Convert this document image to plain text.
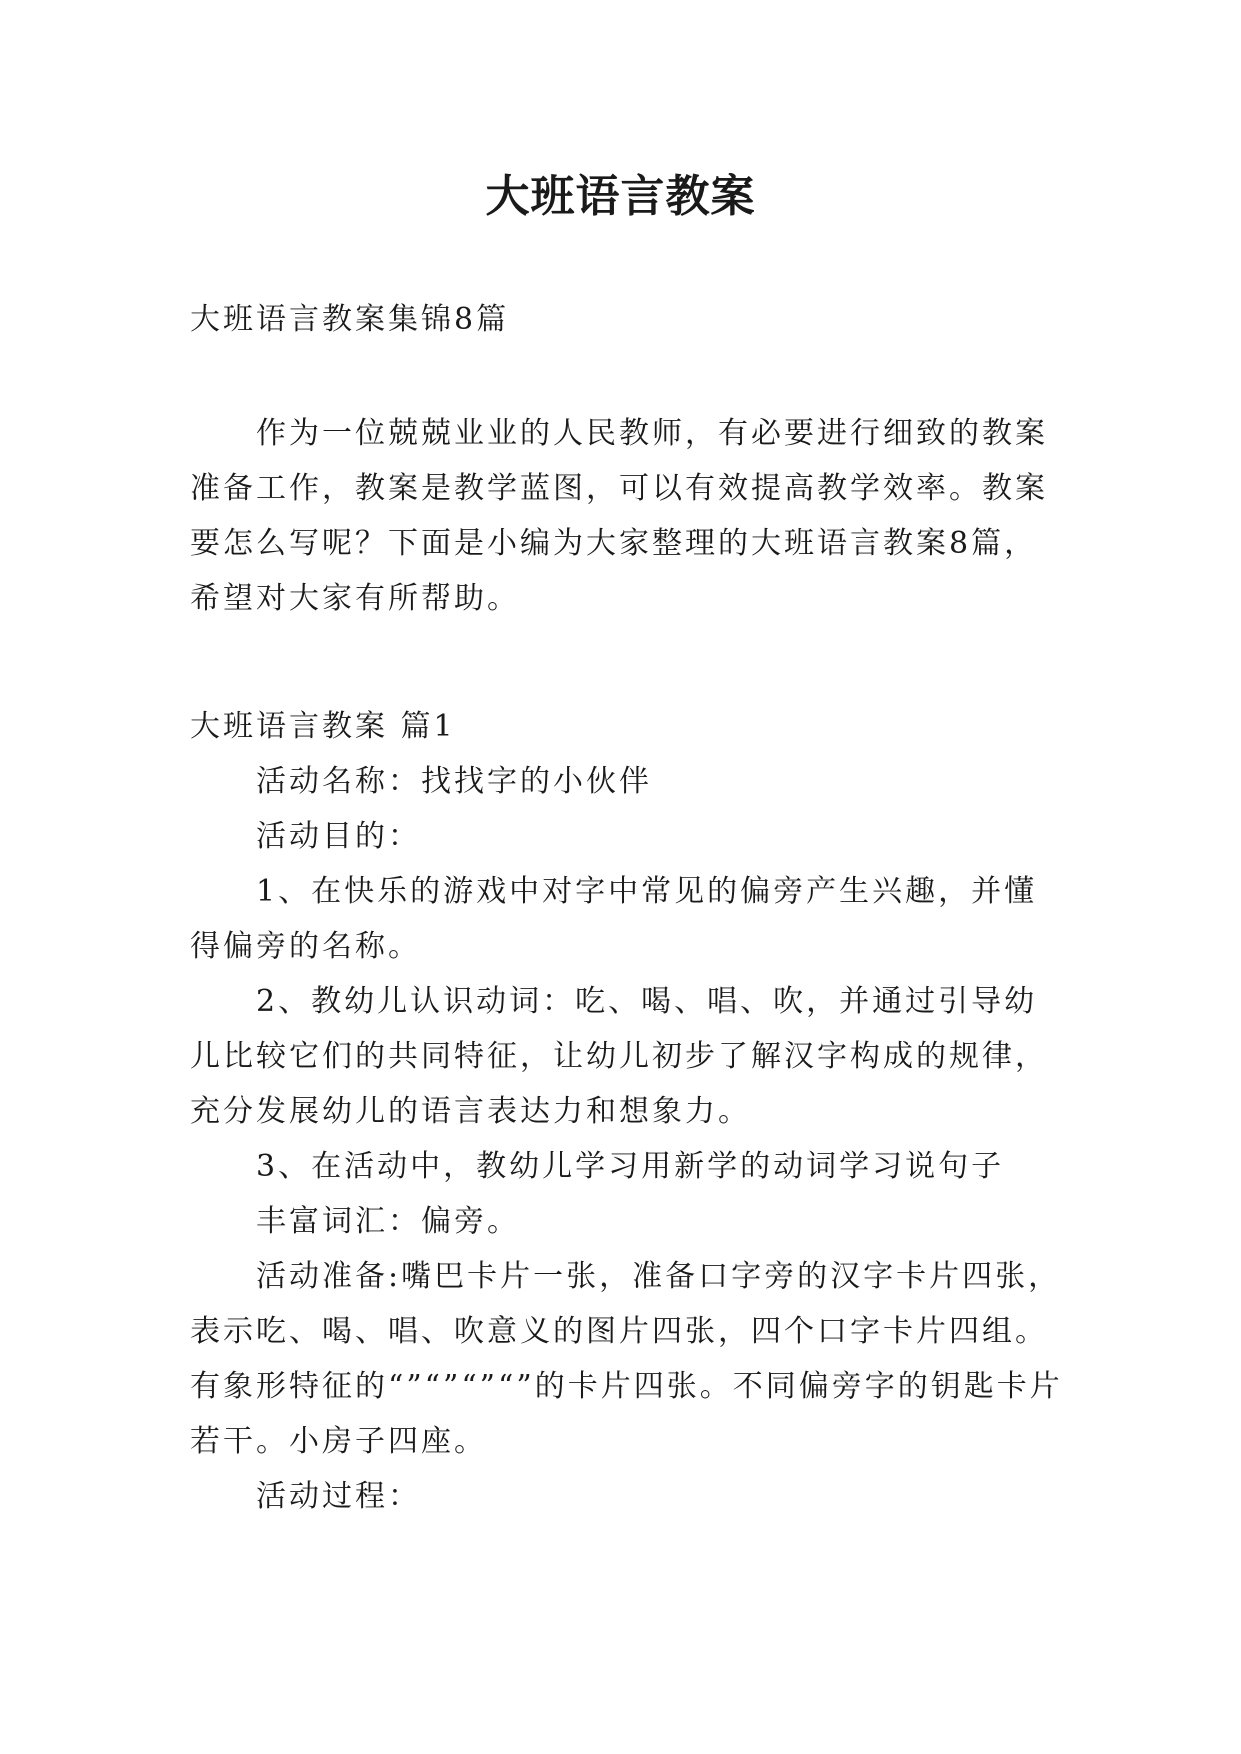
大班语言教案

大班语言教案集锦8篇

作为一位兢兢业业的人民教师，有必要进行细致的教案准备工作，教案是教学蓝图，可以有效提高教学效率。教案要怎么写呢？下面是小编为大家整理的大班语言教案8篇，希望对大家有所帮助。

大班语言教案 篇1

活动名称：找找字的小伙伴

活动目的：

1、在快乐的游戏中对字中常见的偏旁产生兴趣，并懂得偏旁的名称。

2、教幼儿认识动词：吃、喝、唱、吹，并通过引导幼儿比较它们的共同特征，让幼儿初步了解汉字构成的规律，充分发展幼儿的语言表达力和想象力。

3、在活动中，教幼儿学习用新学的动词学习说句子

丰富词汇：偏旁。

活动准备:嘴巴卡片一张，准备口字旁的汉字卡片四张，表示吃、喝、唱、吹意义的图片四张，四个口字卡片四组。有象形特征的“”“”“”“”的卡片四张。不同偏旁字的钥匙卡片若干。小房子四座。

活动过程：
